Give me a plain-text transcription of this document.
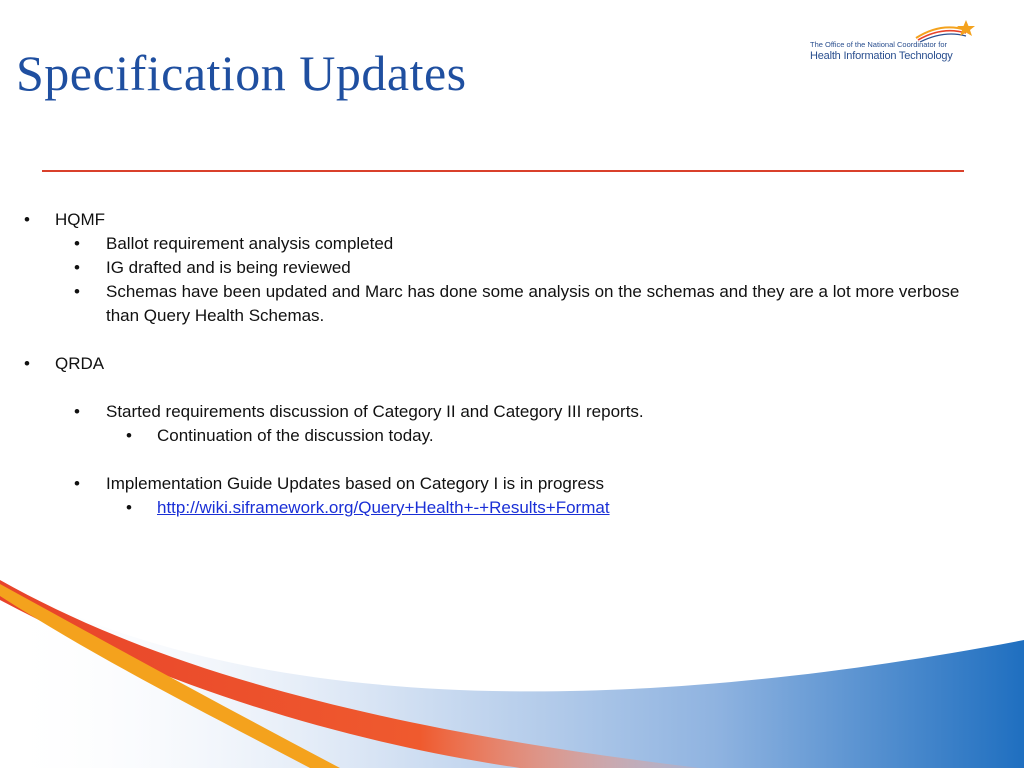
Specification Updates
The Office of the National Coordinator for
Health Information Technology
• HQMF
• Ballot requirement analysis completed
• IG drafted and is being reviewed
• Schemas have been updated and Marc has done some analysis on the schemas and they are a lot more verbose than Query Health Schemas.
• QRDA
• Started requirements discussion of Category II and Category III reports.
• Continuation of the discussion today.
• Implementation Guide Updates based on Category I is in progress
• http://wiki.siframework.org/Query+Health+-+Results+Format
